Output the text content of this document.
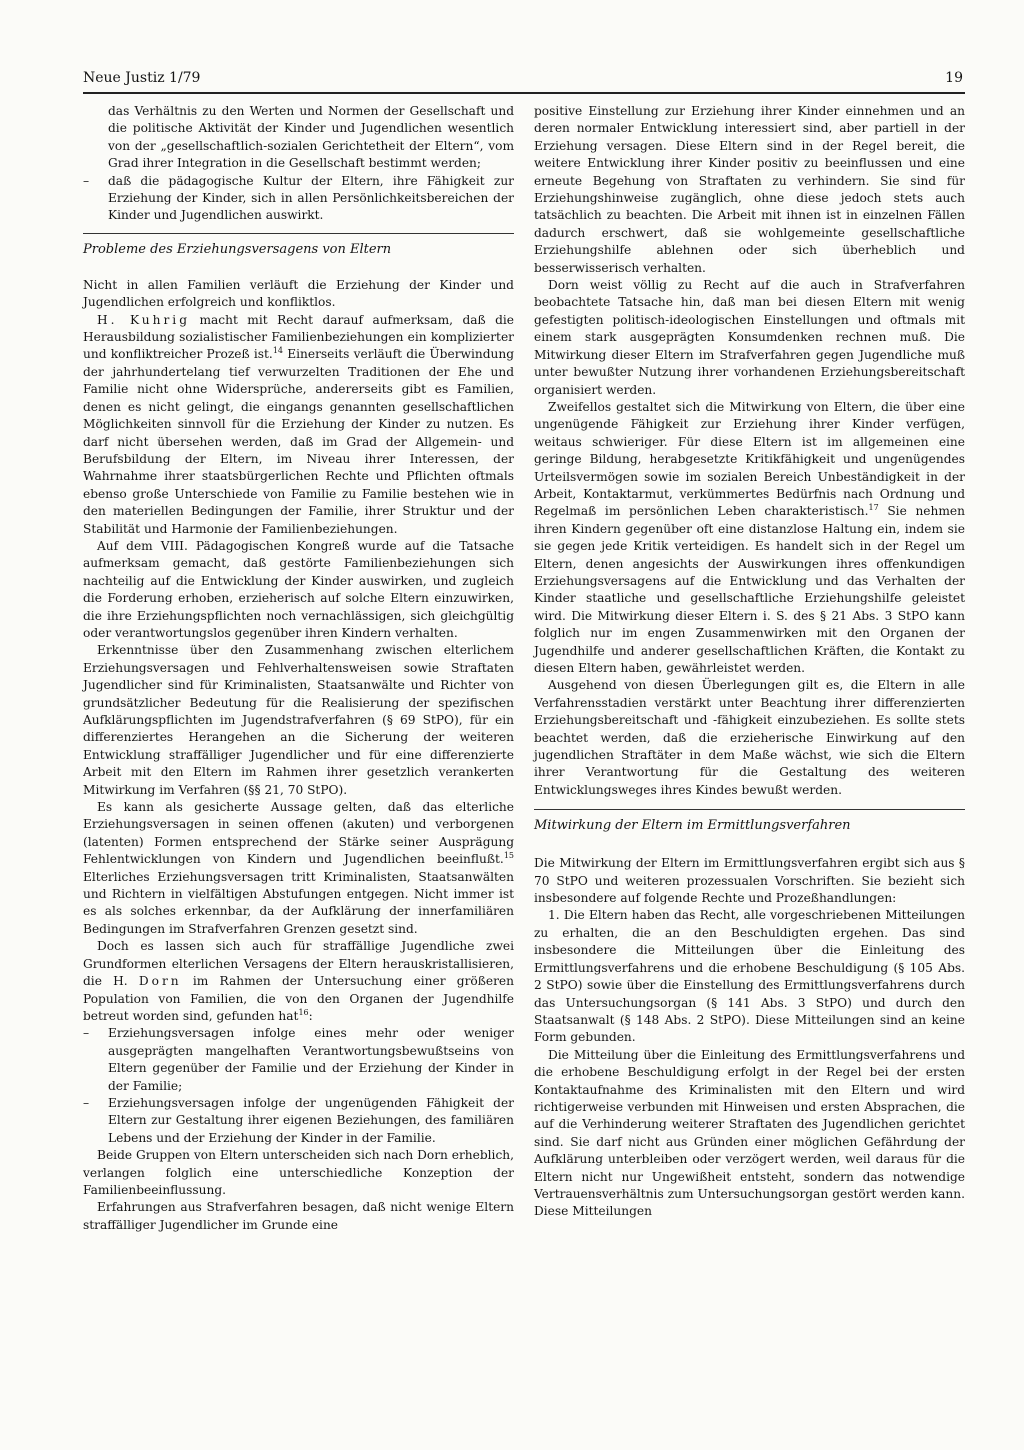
Neue Justiz 1/79	19

das Verhältnis zu den Werten und Normen der Gesellschaft und die politische Aktivität der Kinder und Jugendlichen wesentlich von der „gesellschaftlich-sozialen Gerichtetheit der Eltern“, vom Grad ihrer Integration in die Gesellschaft bestimmt werden;

– daß die pädagogische Kultur der Eltern, ihre Fähigkeit zur Erziehung der Kinder, sich in allen Persönlichkeitsbereichen der Kinder und Jugendlichen auswirkt.

Probleme des Erziehungsversagens von Eltern

Nicht in allen Familien verläuft die Erziehung der Kinder und Jugendlichen erfolgreich und konfliktlos.

H. Kuhrig macht mit Recht darauf aufmerksam, daß die Herausbildung sozialistischer Familienbeziehungen ein komplizierter und konfliktreicher Prozeß ist.$^{14}$ Einerseits verläuft die Überwindung der jahrhundertelang tief verwurzelten Traditionen der Ehe und Familie nicht ohne Widersprüche, andererseits gibt es Familien, denen es nicht gelingt, die eingangs genannten gesellschaftlichen Möglichkeiten sinnvoll für die Erziehung der Kinder zu nutzen. Es darf nicht übersehen werden, daß im Grad der Allgemein- und Berufsbildung der Eltern, im Niveau ihrer Interessen, der Wahrnahme ihrer staatsbürgerlichen Rechte und Pflichten oftmals ebenso große Unterschiede von Familie zu Familie bestehen wie in den materiellen Bedingungen der Familie, ihrer Struktur und der Stabilität und Harmonie der Familienbeziehungen.

Auf dem VIII. Pädagogischen Kongreß wurde auf die Tatsache aufmerksam gemacht, daß gestörte Familienbeziehungen sich nachteilig auf die Entwicklung der Kinder auswirken, und zugleich die Forderung erhoben, erzieherisch auf solche Eltern einzuwirken, die ihre Erziehungspflichten noch vernachlässigen, sich gleichgültig oder verantwortungslos gegenüber ihren Kindern verhalten.

Erkenntnisse über den Zusammenhang zwischen elterlichem Erziehungsversagen und Fehlverhaltensweisen sowie Straftaten Jugendlicher sind für Kriminalisten, Staatsanwälte und Richter von grundsätzlicher Bedeutung für die Realisierung der spezifischen Aufklärungspflichten im Jugendstrafverfahren (§ 69 StPO), für ein differenziertes Herangehen an die Sicherung der weiteren Entwicklung straffälliger Jugendlicher und für eine differenzierte Arbeit mit den Eltern im Rahmen ihrer gesetzlich verankerten Mitwirkung im Verfahren (§§ 21, 70 StPO).

Es kann als gesicherte Aussage gelten, daß das elterliche Erziehungsversagen in seinen offenen (akuten) und verborgenen (latenten) Formen entsprechend der Stärke seiner Ausprägung Fehlentwicklungen von Kindern und Jugendlichen beeinflußt.$^{15}$ Elterliches Erziehungsversagen tritt Kriminalisten, Staatsanwälten und Richtern in vielfältigen Abstufungen entgegen. Nicht immer ist es als solches erkennbar, da der Aufklärung der innerfamiliären Bedingungen im Strafverfahren Grenzen gesetzt sind.

Doch es lassen sich auch für straffällige Jugendliche zwei Grundformen elterlichen Versagens der Eltern herauskristallisieren, die H. Dorn im Rahmen der Untersuchung einer größeren Population von Familien, die von den Organen der Jugendhilfe betreut worden sind, gefunden hat$^{16}$:

– Erziehungsversagen infolge eines mehr oder weniger ausgeprägten mangelhaften Verantwortungsbewußtseins von Eltern gegenüber der Familie und der Erziehung der Kinder in der Familie;

– Erziehungsversagen infolge der ungenügenden Fähigkeit der Eltern zur Gestaltung ihrer eigenen Beziehungen, des familiären Lebens und der Erziehung der Kinder in der Familie.

Beide Gruppen von Eltern unterscheiden sich nach Dorn erheblich, verlangen folglich eine unterschiedliche Konzeption der Familienbeeinflussung.

Erfahrungen aus Strafverfahren besagen, daß nicht wenige Eltern straffälliger Jugendlicher im Grunde eine

positive Einstellung zur Erziehung ihrer Kinder einnehmen und an deren normaler Entwicklung interessiert sind, aber partiell in der Erziehung versagen. Diese Eltern sind in der Regel bereit, die weitere Entwicklung ihrer Kinder positiv zu beeinflussen und eine erneute Begehung von Straftaten zu verhindern. Sie sind für Erziehungshinweise zugänglich, ohne diese jedoch stets auch tatsächlich zu beachten. Die Arbeit mit ihnen ist in einzelnen Fällen dadurch erschwert, daß sie wohlgemeinte gesellschaftliche Erziehungshilfe ablehnen oder sich überheblich und besserwisserisch verhalten.

Dorn weist völlig zu Recht auf die auch in Strafverfahren beobachtete Tatsache hin, daß man bei diesen Eltern mit wenig gefestigten politisch-ideologischen Einstellungen und oftmals mit einem stark ausgeprägten Konsumdenken rechnen muß. Die Mitwirkung dieser Eltern im Strafverfahren gegen Jugendliche muß unter bewußter Nutzung ihrer vorhandenen Erziehungsbereitschaft organisiert werden.

Zweifellos gestaltet sich die Mitwirkung von Eltern, die über eine ungenügende Fähigkeit zur Erziehung ihrer Kinder verfügen, weitaus schwieriger. Für diese Eltern ist im allgemeinen eine geringe Bildung, herabgesetzte Kritikfähigkeit und ungenügendes Urteilsvermögen sowie im sozialen Bereich Unbeständigkeit in der Arbeit, Kontaktarmut, verkümmertes Bedürfnis nach Ordnung und Regelmaß im persönlichen Leben charakteristisch.$^{17}$ Sie nehmen ihren Kindern gegenüber oft eine distanzlose Haltung ein, indem sie sie gegen jede Kritik verteidigen. Es handelt sich in der Regel um Eltern, denen angesichts der Auswirkungen ihres offenkundigen Erziehungsversagens auf die Entwicklung und das Verhalten der Kinder staatliche und gesellschaftliche Erziehungshilfe geleistet wird. Die Mitwirkung dieser Eltern i. S. des § 21 Abs. 3 StPO kann folglich nur im engen Zusammenwirken mit den Organen der Jugendhilfe und anderer gesellschaftlichen Kräften, die Kontakt zu diesen Eltern haben, gewährleistet werden.

Ausgehend von diesen Überlegungen gilt es, die Eltern in alle Verfahrensstadien verstärkt unter Beachtung ihrer differenzierten Erziehungsbereitschaft und -fähigkeit einzubeziehen. Es sollte stets beachtet werden, daß die erzieherische Einwirkung auf den jugendlichen Straftäter in dem Maße wächst, wie sich die Eltern ihrer Verantwortung für die Gestaltung des weiteren Entwicklungsweges ihres Kindes bewußt werden.

Mitwirkung der Eltern im Ermittlungsverfahren

Die Mitwirkung der Eltern im Ermittlungsverfahren ergibt sich aus § 70 StPO und weiteren prozessualen Vorschriften. Sie bezieht sich insbesondere auf folgende Rechte und Prozeßhandlungen:

1. Die Eltern haben das Recht, alle vorgeschriebenen Mitteilungen zu erhalten, die an den Beschuldigten ergehen. Das sind insbesondere die Mitteilungen über die Einleitung des Ermittlungsverfahrens und die erhobene Beschuldigung (§ 105 Abs. 2 StPO) sowie über die Einstellung des Ermittlungsverfahrens durch das Untersuchungsorgan (§ 141 Abs. 3 StPO) und durch den Staatsanwalt (§ 148 Abs. 2 StPO). Diese Mitteilungen sind an keine Form gebunden.

Die Mitteilung über die Einleitung des Ermittlungsverfahrens und die erhobene Beschuldigung erfolgt in der Regel bei der ersten Kontaktaufnahme des Kriminalisten mit den Eltern und wird richtigerweise verbunden mit Hinweisen und ersten Absprachen, die auf die Verhinderung weiterer Straftaten des Jugendlichen gerichtet sind. Sie darf nicht aus Gründen einer möglichen Gefährdung der Aufklärung unterbleiben oder verzögert werden, weil daraus für die Eltern nicht nur Ungewißheit entsteht, sondern das notwendige Vertrauensverhältnis zum Untersuchungsorgan gestört werden kann. Diese Mitteilungen
